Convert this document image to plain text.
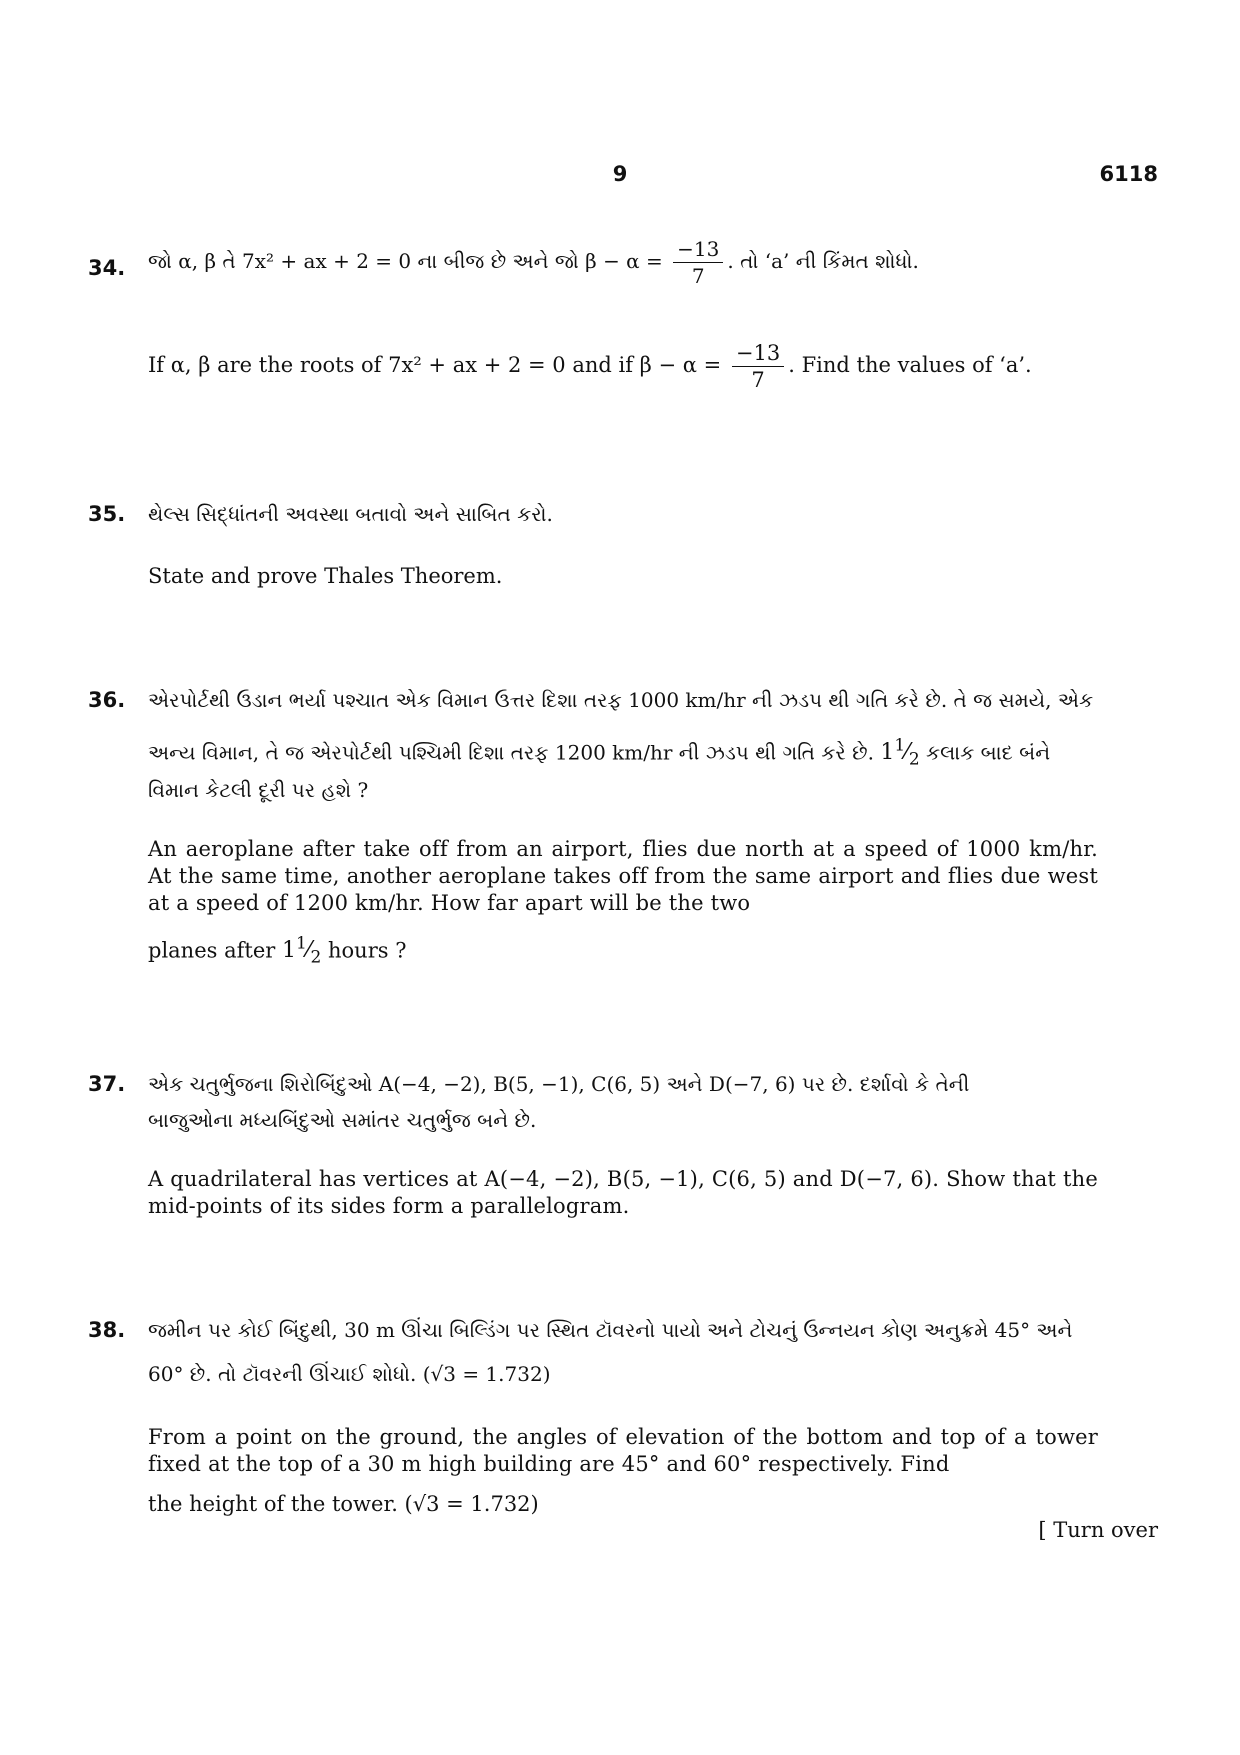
9	6118
34. જો α, β તે 7x² + ax + 2 = 0 ના બીજ છે અને જો $\beta - \alpha = \frac{-13}{7}$ . તો ‘a’ ની કિંમત શોધો.
If α, β are the roots of 7x² + ax + 2 = 0 and if $\beta - \alpha = \frac{-13}{7}$ . Find the values of ‘a’.
35. થેલ્સ સિદ્ધાંતની અવસ્થા બતાવો અને સાબિત કરો.
State and prove Thales Theorem.
36. એરપોર્ટથી ઉડાન ભર્યા પશ્ચાત એક વિમાન ઉત્તર દિશા તરફ 1000 km/hr ની ઝડપ થી ગતિ કરે છે. તે જ સમયે, એક
અન્ય વિમાન, તે જ એરપોર્ટથી પશ્ચિમી દિશા તરફ 1200 km/hr ની ઝડપ થી ગતિ કરે છે. $1^1⁄_2$ કલાક બાદ બંને
વિમાન કેટલી દૂરી પર હશે ?
An aeroplane after take off from an airport, flies due north at a speed of 1000 km/hr. At the same time, another aeroplane takes off from the same airport and flies due west at a speed of 1200 km/hr. How far apart will be the two
planes after $1^1⁄_2$ hours ?
37. એક ચતુર્ભુજના શિરોબિંદુઓ A(−4, −2), B(5, −1), C(6, 5) અને D(−7, 6) પર છે. દર્શાવો કે તેની
બાજુઓના મધ્યબિંદુઓ સમાંતર ચતુર્ભુજ બને છે.
A quadrilateral has vertices at A(−4, −2), B(5, −1), C(6, 5) and D(−7, 6). Show that the mid-points of its sides form a parallelogram.
38. જમીન પર કોઈ બિંદુથી, 30 m ઊંચા બિલ્ડિંગ પર સ્થિત ટૉવરનો પાયો અને ટોચનું ઉન્નયન કોણ અનુક્રમે 45° અને
60° છે. તો ટૉવરની ઊંચાઈ શોધો. (√3 = 1.732)
From a point on the ground, the angles of elevation of the bottom and top of a tower fixed at the top of a 30 m high building are 45° and 60° respectively. Find
the height of the tower. (√3 = 1.732)
[ Turn over
